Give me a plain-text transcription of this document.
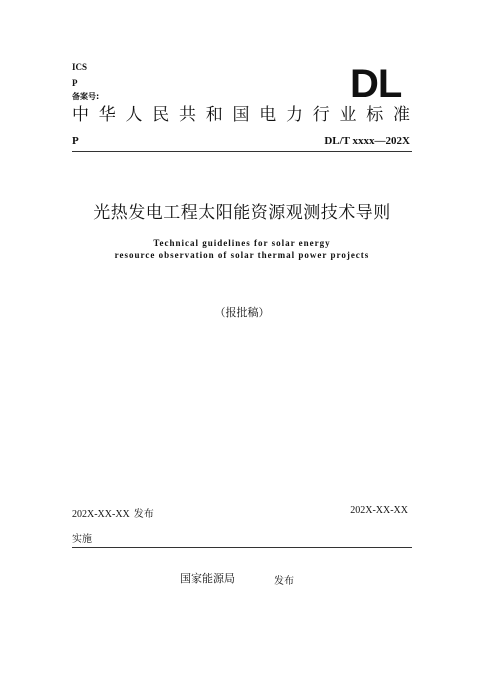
ICS
P
备案号:	DL
中 华 人 民 共 和 国 电 力 行 业 标 准
P	DL/T xxxx—202X
光热发电工程太阳能资源观测技术导则
Technical guidelines for solar energy
resource observation of solar thermal power projects
（报批稿）
202X-XX-XX 发布	202X-XX-XX
实施
国家能源局	发布
